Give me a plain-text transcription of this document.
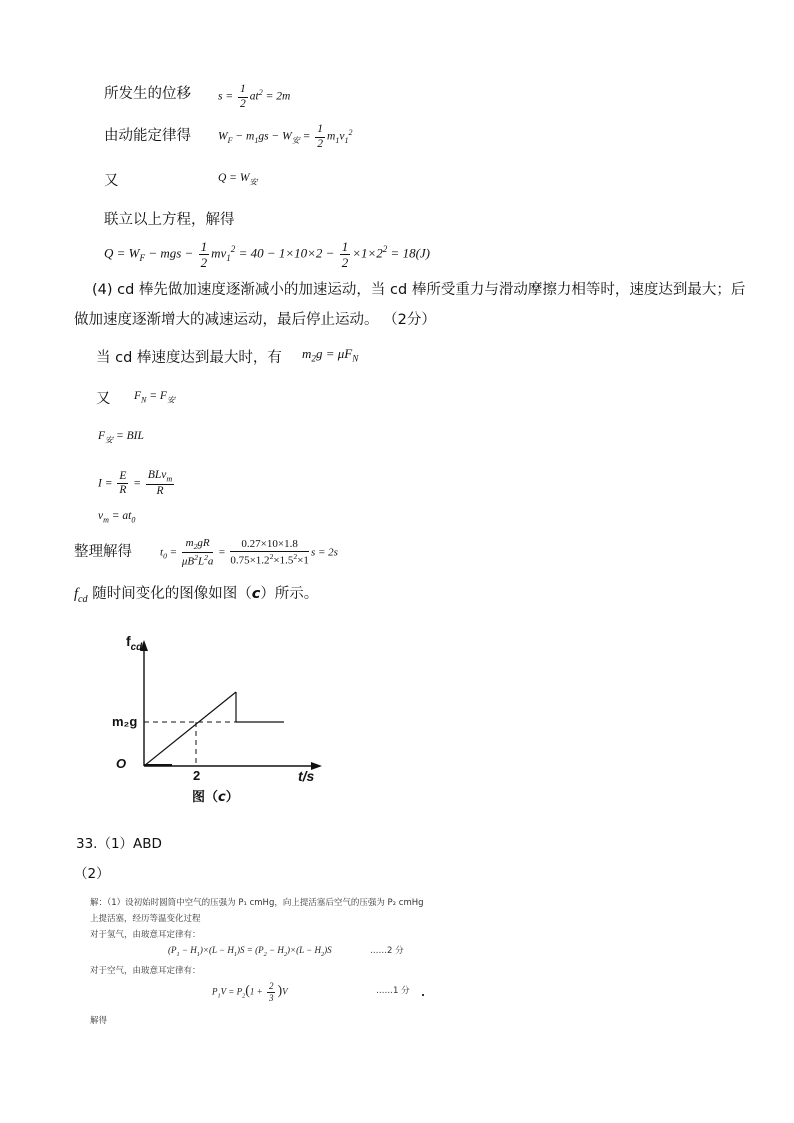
所发生的位移 $s = \frac{1}{2} at^2 = 2m$
由动能定律得 $W_F - m_1gs - W_安 = \frac{1}{2} m_1v_1^2$
又	$Q = W_安$
联立以上方程，解得
$Q = W_F$ − mgs − $\frac{1}{2} mv_1^2 = 40 - 1\times 10\times 2 - \frac{1}{2} \times 1\times 2^2 = 18(J)$
(4) cd 棒先做加速度逐渐减小的加速运动，当 cd 棒所受重力与滑动摩擦力相等时，速度达到最大；后
做加速度逐渐增大的减速运动，最后停止运动。 （2分）
当 cd 棒速度达到最大时，有 $m_2g = \mu F_N$
又 $F_N = F_安$
$F_安$ = BIL
$I = \frac{E}{R} = \frac{BLv_m}{R}$
$v_m = at_0$
整理解得	$t_0 = \frac{m_2gR}{\mu B^2L^2a} = \frac{0.27\times 10\times 1.8}{0.75\times 1.2^2\times 1.5^2\times 1}$ s = 2s
$f_{cd}$ 随时间变化的图像如图（c）所示。
$f_{cd}$
m₂g
O
2	t/s
图（c）
33.（1）ABD
（2）
解：（1）设初始时圆筒中空气的压强为 P₁ cmHg，向上提活塞后空气的压强为 P₂ cmHg
上提活塞，经历等温变化过程
对于氢气，由玻意耳定律有：
$(P_1 - H_1)\times(L - H_1)S = (P_2 - H_2)\times(L - H_2)S$	……2 分
对于空气，由玻意耳定律有：
$P_1V = P_2(1 + \frac{2}{3} )V$	……1 分
解得
